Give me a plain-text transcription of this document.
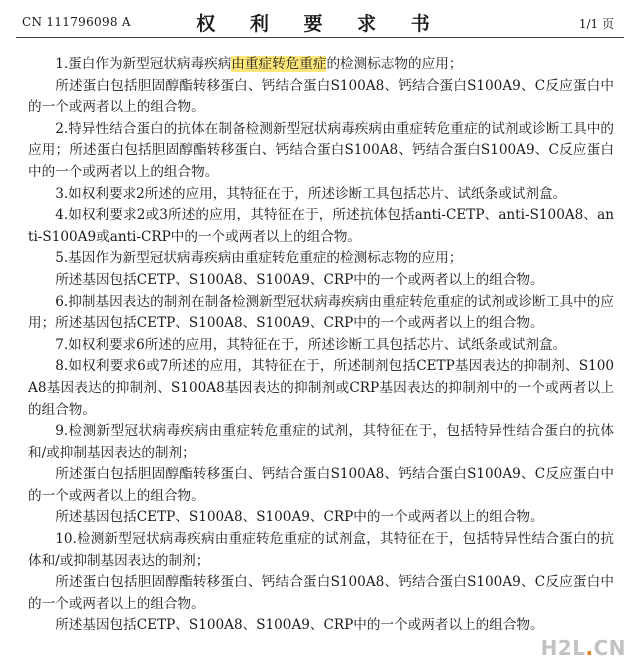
CN 111796098 A	权 利 要 求 书	1/1 页

1.蛋白作为新型冠状病毒疾病由重症转危重症的检测标志物的应用；

所述蛋白包括胆固醇酯转移蛋白、钙结合蛋白S100A8、钙结合蛋白S100A9、C反应蛋白中的一个或两者以上的组合物。

2.特异性结合蛋白的抗体在制备检测新型冠状病毒疾病由重症转危重症的试剂或诊断工具中的应用；所述蛋白包括胆固醇酯转移蛋白、钙结合蛋白S100A8、钙结合蛋白S100A9、C反应蛋白中的一个或两者以上的组合物。

3.如权利要求2所述的应用，其特征在于，所述诊断工具包括芯片、试纸条或试剂盒。

4.如权利要求2或3所述的应用，其特征在于，所述抗体包括anti-CETP、anti-S100A8、anti-S100A9或anti-CRP中的一个或两者以上的组合物。

5.基因作为新型冠状病毒疾病由重症转危重症的检测标志物的应用；

所述基因包括CETP、S100A8、S100A9、CRP中的一个或两者以上的组合物。

6.抑制基因表达的制剂在制备检测新型冠状病毒疾病由重症转危重症的试剂或诊断工具中的应用；所述基因包括CETP、S100A8、S100A9、CRP中的一个或两者以上的组合物。

7.如权利要求6所述的应用，其特征在于，所述诊断工具包括芯片、试纸条或试剂盒。

8.如权利要求6或7所述的应用，其特征在于，所述制剂包括CETP基因表达的抑制剂、S100A8基因表达的抑制剂、S100A8基因表达的抑制剂或CRP基因表达的抑制剂中的一个或两者以上的组合物。

9.检测新型冠状病毒疾病由重症转危重症的试剂，其特征在于，包括特异性结合蛋白的抗体和/或抑制基因表达的制剂；

所述蛋白包括胆固醇酯转移蛋白、钙结合蛋白S100A8、钙结合蛋白S100A9、C反应蛋白中的一个或两者以上的组合物。

所述基因包括CETP、S100A8、S100A9、CRP中的一个或两者以上的组合物。

10.检测新型冠状病毒疾病由重症转危重症的试剂盒，其特征在于，包括特异性结合蛋白的抗体和/或抑制基因表达的制剂；

所述蛋白包括胆固醇酯转移蛋白、钙结合蛋白S100A8、钙结合蛋白S100A9、C反应蛋白中的一个或两者以上的组合物。

所述基因包括CETP、S100A8、S100A9、CRP中的一个或两者以上的组合物。

H2L.CN
